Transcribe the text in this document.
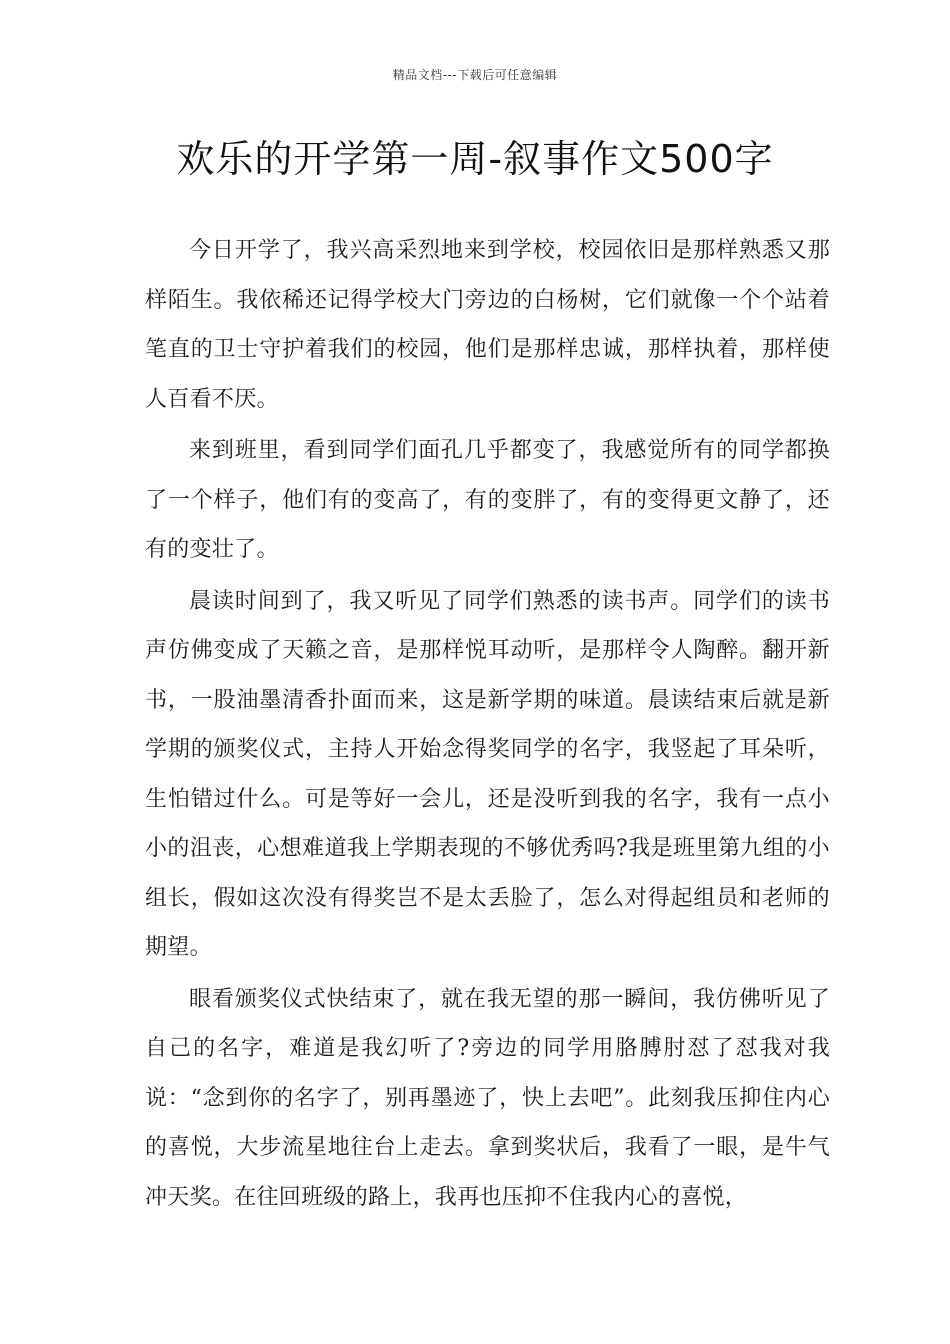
精品文档---下载后可任意编辑
欢乐的开学第一周-叙事作文500字

今日开学了，我兴高采烈地来到学校，校园依旧是那样熟悉又那样陌生。我依稀还记得学校大门旁边的白杨树，它们就像一个个站着笔直的卫士守护着我们的校园，他们是那样忠诚，那样执着，那样使人百看不厌。

来到班里，看到同学们面孔几乎都变了，我感觉所有的同学都换了一个样子，他们有的变高了，有的变胖了，有的变得更文静了，还有的变壮了。

晨读时间到了，我又听见了同学们熟悉的读书声。同学们的读书声仿佛变成了天籁之音，是那样悦耳动听，是那样令人陶醉。翻开新书，一股油墨清香扑面而来，这是新学期的味道。晨读结束后就是新学期的颁奖仪式，主持人开始念得奖同学的名字，我竖起了耳朵听，生怕错过什么。可是等好一会儿，还是没听到我的名字，我有一点小小的沮丧，心想难道我上学期表现的不够优秀吗?我是班里第九组的小组长，假如这次没有得奖岂不是太丢脸了，怎么对得起组员和老师的期望。

眼看颁奖仪式快结束了，就在我无望的那一瞬间，我仿佛听见了自己的名字，难道是我幻听了?旁边的同学用胳膊肘怼了怼我对我说：“念到你的名字了，别再墨迹了，快上去吧”。此刻我压抑住内心的喜悦，大步流星地往台上走去。拿到奖状后，我看了一眼，是牛气冲天奖。在往回班级的路上，我再也压抑不住我内心的喜悦，
